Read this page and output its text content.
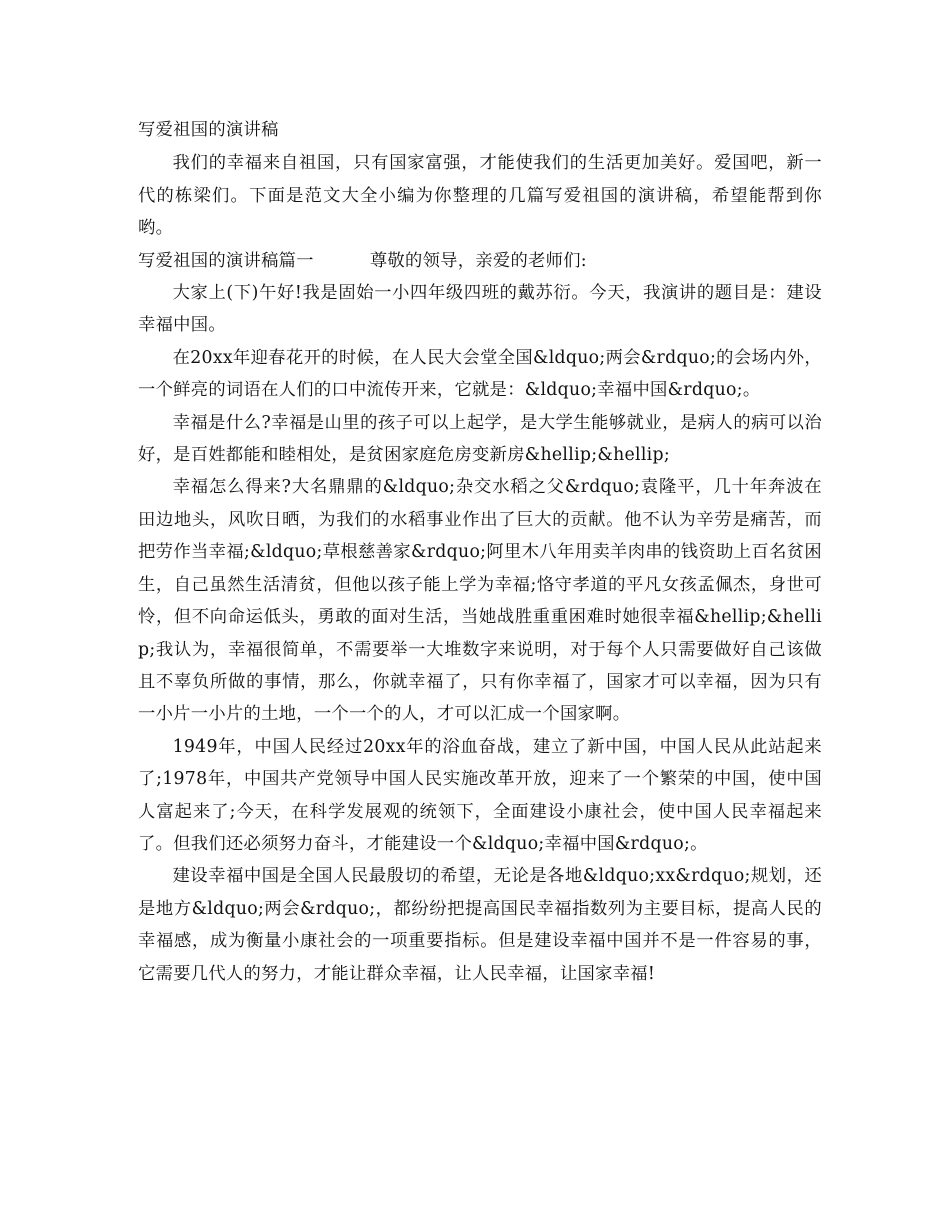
写爱祖国的演讲稿

我们的幸福来自祖国，只有国家富强，才能使我们的生活更加美好。爱国吧，新一代的栋梁们。下面是范文大全小编为你整理的几篇写爱祖国的演讲稿，希望能帮到你哟。

写爱祖国的演讲稿篇一	尊敬的领导，亲爱的老师们:

大家上(下)午好!我是固始一小四年级四班的戴苏衍。今天，我演讲的题目是：建设幸福中国。

在20xx年迎春花开的时候，在人民大会堂全国&ldquo;两会&rdquo;的会场内外，一个鲜亮的词语在人们的口中流传开来，它就是：&ldquo;幸福中国&rdquo;。

幸福是什么?幸福是山里的孩子可以上起学，是大学生能够就业，是病人的病可以治好，是百姓都能和睦相处，是贫困家庭危房变新房&hellip;&hellip;

幸福怎么得来?大名鼎鼎的&ldquo;杂交水稻之父&rdquo;袁隆平，几十年奔波在田边地头，风吹日晒，为我们的水稻事业作出了巨大的贡献。他不认为辛劳是痛苦，而把劳作当幸福;&ldquo;草根慈善家&rdquo;阿里木八年用卖羊肉串的钱资助上百名贫困生，自己虽然生活清贫，但他以孩子能上学为幸福;恪守孝道的平凡女孩孟佩杰，身世可怜，但不向命运低头，勇敢的面对生活，当她战胜重重困难时她很幸福&hellip;&hellip;我认为，幸福很简单，不需要举一大堆数字来说明，对于每个人只需要做好自己该做且不辜负所做的事情，那么，你就幸福了，只有你幸福了，国家才可以幸福，因为只有一小片一小片的土地，一个一个的人，才可以汇成一个国家啊。

1949年，中国人民经过20xx年的浴血奋战，建立了新中国，中国人民从此站起来了;1978年，中国共产党领导中国人民实施改革开放，迎来了一个繁荣的中国，使中国人富起来了;今天，在科学发展观的统领下，全面建设小康社会，使中国人民幸福起来了。但我们还必须努力奋斗，才能建设一个&ldquo;幸福中国&rdquo;。

建设幸福中国是全国人民最殷切的希望，无论是各地&ldquo;xx&rdquo;规划，还是地方&ldquo;两会&rdquo;，都纷纷把提高国民幸福指数列为主要目标，提高人民的幸福感，成为衡量小康社会的一项重要指标。但是建设幸福中国并不是一件容易的事，它需要几代人的努力，才能让群众幸福，让人民幸福，让国家幸福!
